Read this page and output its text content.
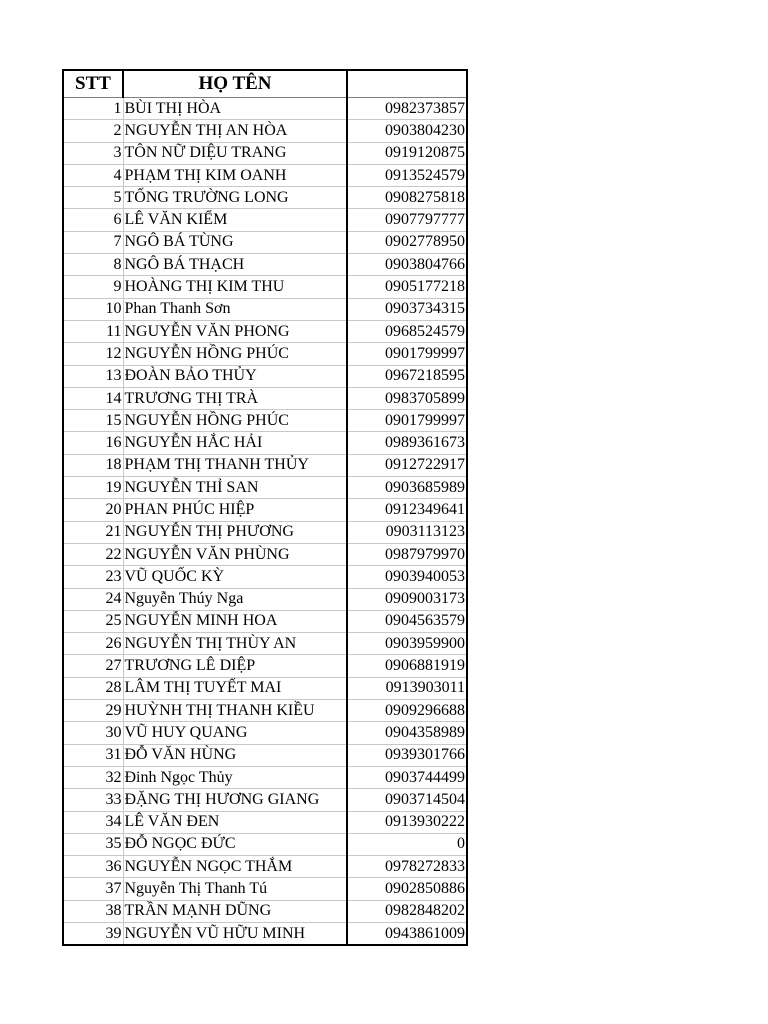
STT	HỌ TÊN	
1	BÙI THỊ HÒA	0982373857
2	NGUYỄN THỊ AN HÒA	0903804230
3	TÔN NỮ DIỆU TRANG	0919120875
4	PHẠM THỊ KIM OANH	0913524579
5	TỐNG TRƯỜNG LONG	0908275818
6	LÊ VĂN KIỂM	0907797777
7	NGÔ BÁ TÙNG	0902778950
8	NGÔ BÁ THẠCH	0903804766
9	HOÀNG THỊ KIM THU	0905177218
10	Phan Thanh Sơn	0903734315
11	NGUYỄN VĂN PHONG	0968524579
12	NGUYỄN HỒNG PHÚC	0901799997
13	ĐOÀN BẢO THỦY	0967218595
14	TRƯƠNG THỊ TRÀ	0983705899
15	NGUYỄN HỒNG PHÚC	0901799997
16	NGUYỄN HẮC HẢI	0989361673
18	PHẠM THỊ THANH THỦY	0912722917
19	NGUYỄN THỈ SAN	0903685989
20	PHAN PHÚC HIỆP	0912349641
21	NGUYỄN THỊ PHƯƠNG	0903113123
22	NGUYỄN VĂN PHÙNG	0987979970
23	VŨ QUỐC KỲ	0903940053
24	Nguyễn Thúy Nga	0909003173
25	NGUYỄN MINH HOA	0904563579
26	NGUYỄN THỊ THÙY AN	0903959900
27	TRƯƠNG LÊ DIỆP	0906881919
28	LÂM THỊ TUYẾT MAI	0913903011
29	HUỲNH THỊ THANH KIỀU	0909296688
30	VŨ HUY QUANG	0904358989
31	ĐỖ VĂN HÙNG	0939301766
32	Đinh Ngọc Thủy	0903744499
33	ĐẶNG THỊ HƯƠNG GIANG	0903714504
34	LÊ VĂN ĐEN	0913930222
35	ĐỖ NGỌC ĐỨC	0
36	NGUYỄN NGỌC THẮM	0978272833
37	Nguyễn Thị Thanh Tú	0902850886
38	TRẦN MẠNH DŨNG	0982848202
39	NGUYỄN VŨ HỮU MINH	0943861009
